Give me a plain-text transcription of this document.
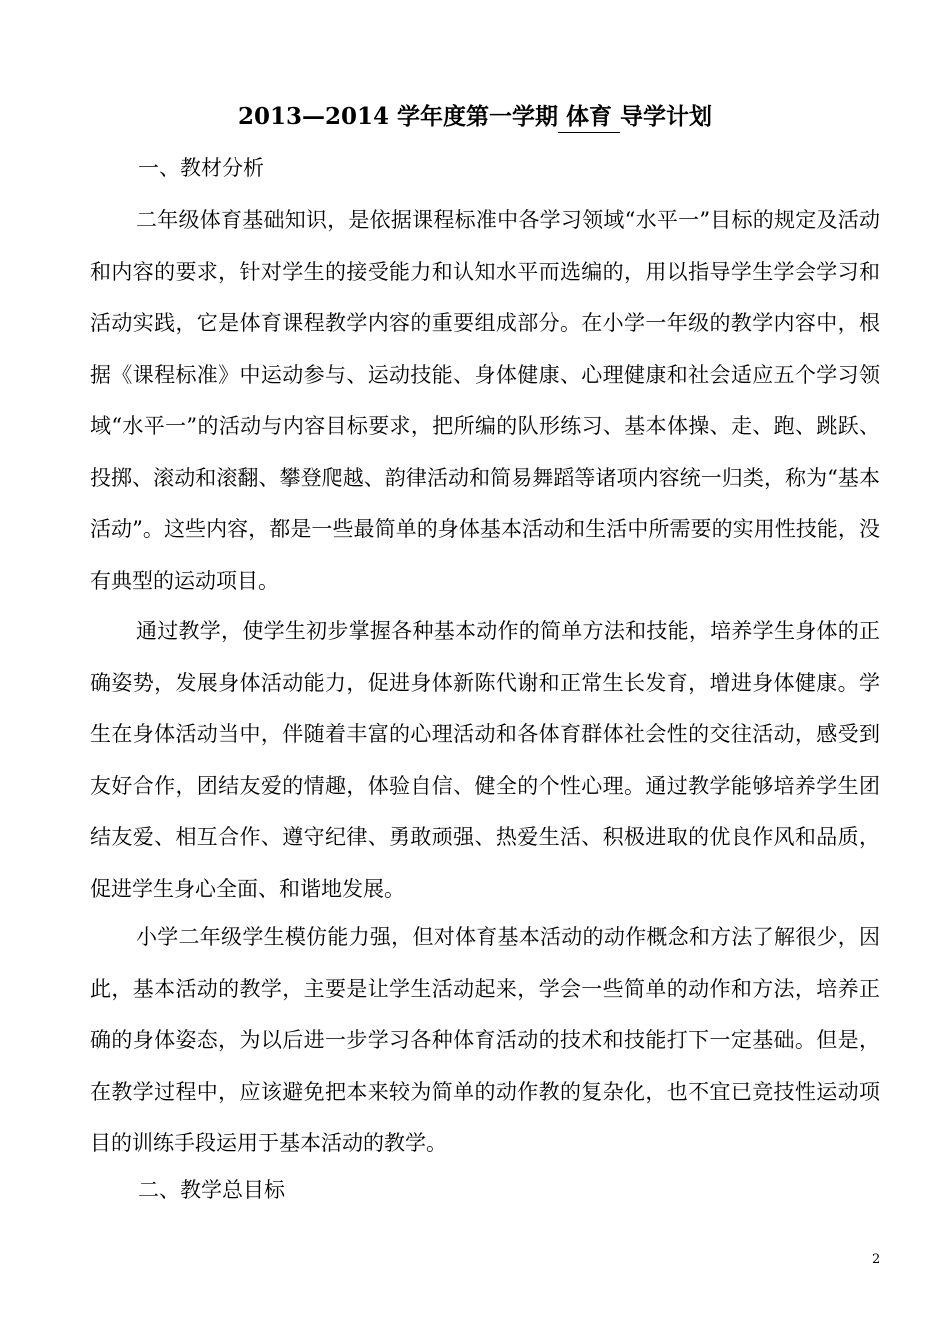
2013—2014 学年度第一学期 体育 导学计划
一、教材分析
二年级体育基础知识，是依据课程标准中各学习领域“水平一”目标的规定及活动和内容的要求，针对学生的接受能力和认知水平而选编的，用以指导学生学会学习和活动实践，它是体育课程教学内容的重要组成部分。在小学一年级的教学内容中，根据《课程标准》中运动参与、运动技能、身体健康、心理健康和社会适应五个学习领域“水平一”的活动与内容目标要求，把所编的队形练习、基本体操、走、跑、跳跃、投掷、滚动和滚翻、攀登爬越、韵律活动和简易舞蹈等诸项内容统一归类，称为“基本活动”。这些内容，都是一些最简单的身体基本活动和生活中所需要的实用性技能，没有典型的运动项目。
通过教学，使学生初步掌握各种基本动作的简单方法和技能，培养学生身体的正确姿势，发展身体活动能力，促进身体新陈代谢和正常生长发育，增进身体健康。学生在身体活动当中，伴随着丰富的心理活动和各体育群体社会性的交往活动，感受到友好合作，团结友爱的情趣，体验自信、健全的个性心理。通过教学能够培养学生团结友爱、相互合作、遵守纪律、勇敢顽强、热爱生活、积极进取的优良作风和品质，促进学生身心全面、和谐地发展。
小学二年级学生模仿能力强，但对体育基本活动的动作概念和方法了解很少，因此，基本活动的教学，主要是让学生活动起来，学会一些简单的动作和方法，培养正确的身体姿态，为以后进一步学习各种体育活动的技术和技能打下一定基础。但是，在教学过程中，应该避免把本来较为简单的动作教的复杂化，也不宜已竞技性运动项目的训练手段运用于基本活动的教学。
二、教学总目标
2
